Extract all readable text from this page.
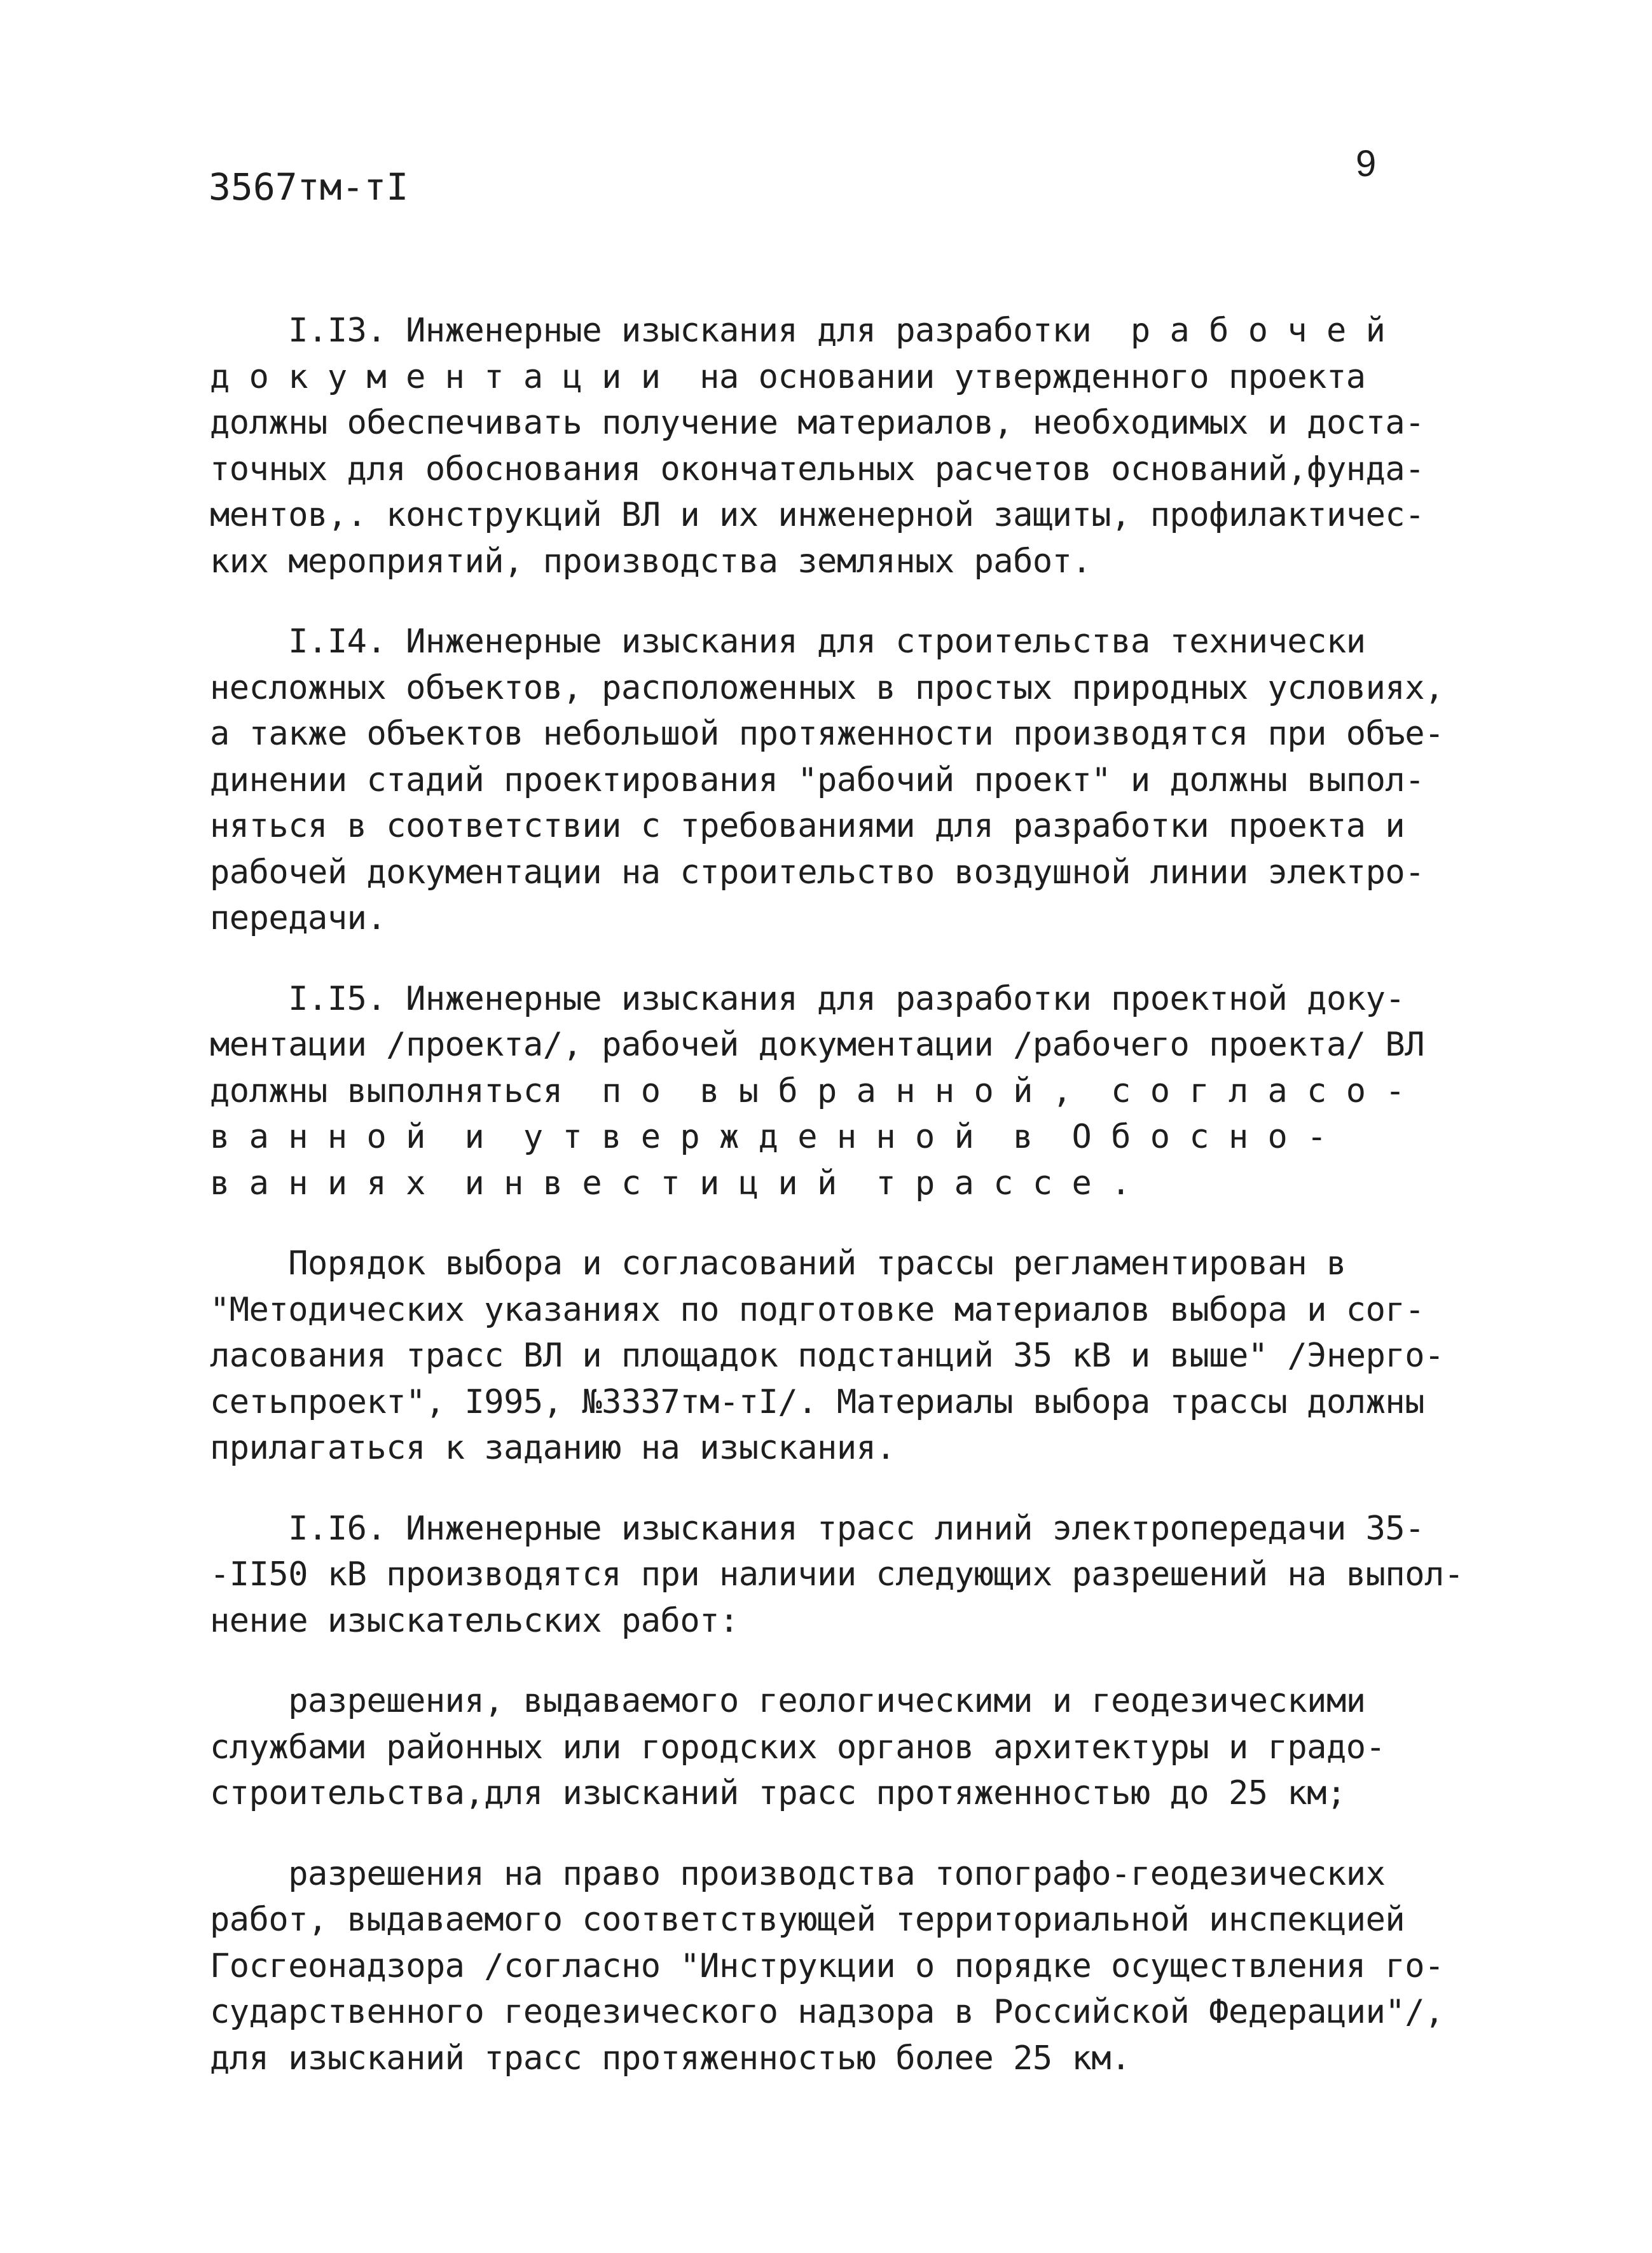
3567тм-тI
9

I.I3. Инженерные изыскания для разработки  р а б о ч е й
д о к у м е н т а ц и и  на основании утвержденного проекта
должны обеспечивать получение материалов, необходимых и доста-
точных для обоснования окончательных расчетов оснований,фунда-
ментов,. конструкций ВЛ и их инженерной защиты, профилактичес-
ких мероприятий, производства земляных работ.

I.I4. Инженерные изыскания для строительства технически
несложных объектов, расположенных в простых природных условиях,
а также объектов небольшой протяженности производятся при объе-
динении стадий проектирования "рабочий проект" и должны выпол-
няться в соответствии с требованиями для разработки проекта и
рабочей документации на строительство воздушной линии электро-
передачи.

I.I5. Инженерные изыскания для разработки проектной доку-
ментации /проекта/, рабочей документации /рабочего проекта/ ВЛ
должны выполняться  п о  в ы б р а н н о й ,  с о г л а с о -
в а н н о й  и  у т в е р ж д е н н о й  в  О б о с н о -
в а н и я х  и н в е с т и ц и й  т р а с с е .

Порядок выбора и согласований трассы регламентирован в
"Методических указаниях по подготовке материалов выбора и сог-
ласования трасс ВЛ и площадок подстанций 35 кВ и выше" /Энерго-
сетьпроект", I995, №3337тм-тI/. Материалы выбора трассы должны
прилагаться к заданию на изыскания.

I.I6. Инженерные изыскания трасс линий электропередачи 35-
-II50 кВ производятся при наличии следующих разрешений на выпол-
нение изыскательских работ:

разрешения, выдаваемого геологическими и геодезическими
службами районных или городских органов архитектуры и градо-
строительства,для изысканий трасс протяженностью до 25 км;

разрешения на право производства топографо-геодезических
работ, выдаваемого соответствующей территориальной инспекцией
Госгеонадзора /согласно "Инструкции о порядке осуществления го-
сударственного геодезического надзора в Российской Федерации"/,
для изысканий трасс протяженностью более 25 км.
